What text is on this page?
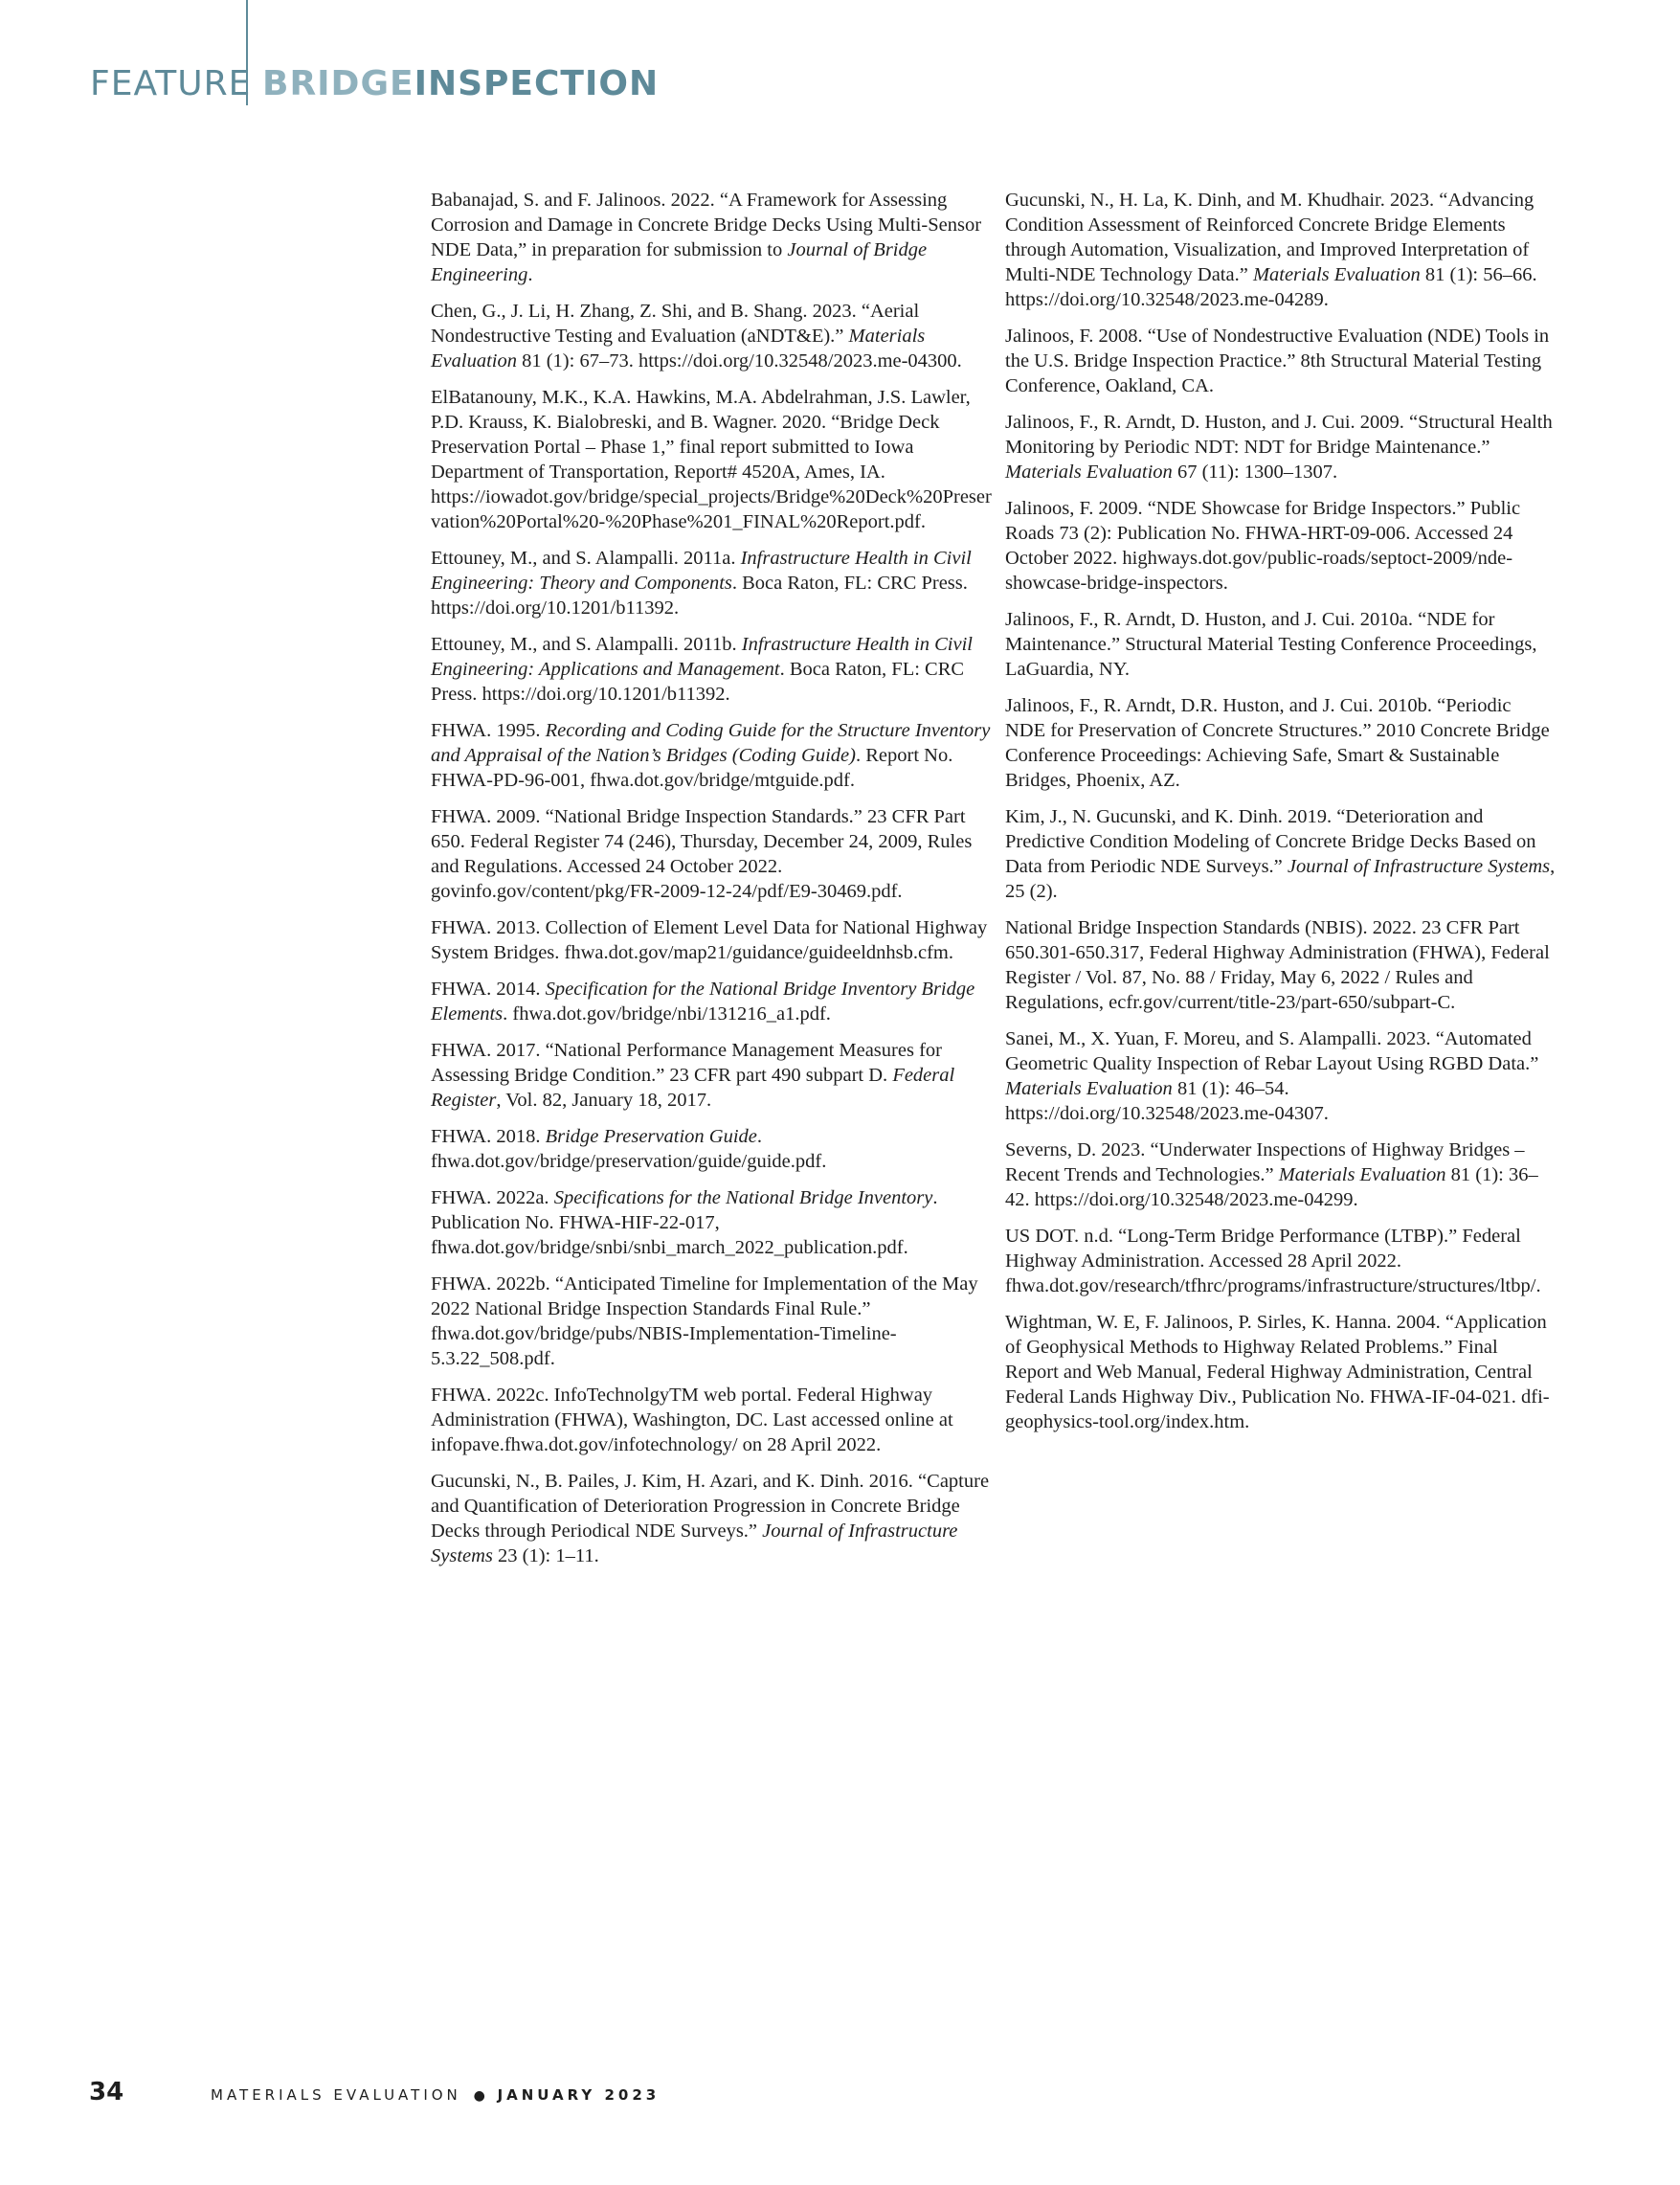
FEATURE BRIDGEINSPECTION

Babanajad, S. and F. Jalinoos. 2022. “A Framework for Assessing Corrosion and Damage in Concrete Bridge Decks Using Multi-Sensor NDE Data,” in preparation for submission to Journal of Bridge Engineering.

Chen, G., J. Li, H. Zhang, Z. Shi, and B. Shang. 2023. “Aerial Nondestructive Testing and Evaluation (aNDT&E).” Materials Evaluation 81 (1): 67–73. https://doi.org/10.32548/2023.me-04300.

ElBatanouny, M.K., K.A. Hawkins, M.A. Abdelrahman, J.S. Lawler, P.D. Krauss, K. Bialobreski, and B. Wagner. 2020. “Bridge Deck Preservation Portal – Phase 1,” final report submitted to Iowa Department of Transportation, Report# 4520A, Ames, IA. https://iowadot.gov/bridge/special_projects/Bridge%20Deck%20Preservation%20Portal%20-%20Phase%201_FINAL%20Report.pdf.

Ettouney, M., and S. Alampalli. 2011a. Infrastructure Health in Civil Engineering: Theory and Components. Boca Raton, FL: CRC Press. https://doi.org/10.1201/b11392.

Ettouney, M., and S. Alampalli. 2011b. Infrastructure Health in Civil Engineering: Applications and Management. Boca Raton, FL: CRC Press. https://doi.org/10.1201/b11392.

FHWA. 1995. Recording and Coding Guide for the Structure Inventory and Appraisal of the Nation’s Bridges (Coding Guide). Report No. FHWA-PD-96-001, fhwa.dot.gov/bridge/mtguide.pdf.

FHWA. 2009. “National Bridge Inspection Standards.” 23 CFR Part 650. Federal Register 74 (246), Thursday, December 24, 2009, Rules and Regulations. Accessed 24 October 2022. govinfo.gov/content/pkg/FR-2009-12-24/pdf/E9-30469.pdf.

FHWA. 2013. Collection of Element Level Data for National Highway System Bridges. fhwa.dot.gov/map21/guidance/guideeldnhsb.cfm.

FHWA. 2014. Specification for the National Bridge Inventory Bridge Elements. fhwa.dot.gov/bridge/nbi/131216_a1.pdf.

FHWA. 2017. “National Performance Management Measures for Assessing Bridge Condition.” 23 CFR part 490 subpart D. Federal Register, Vol. 82, January 18, 2017.

FHWA. 2018. Bridge Preservation Guide. fhwa.dot.gov/bridge/preservation/guide/guide.pdf.

FHWA. 2022a. Specifications for the National Bridge Inventory. Publication No. FHWA-HIF-22-017, fhwa.dot.gov/bridge/snbi/snbi_march_2022_publication.pdf.

FHWA. 2022b. “Anticipated Timeline for Implementation of the May 2022 National Bridge Inspection Standards Final Rule.” fhwa.dot.gov/bridge/pubs/NBIS-Implementation-Timeline-5.3.22_508.pdf.

FHWA. 2022c. InfoTechnolgyTM web portal. Federal Highway Administration (FHWA), Washington, DC. Last accessed online at infopave.fhwa.dot.gov/infotechnology/ on 28 April 2022.

Gucunski, N., B. Pailes, J. Kim, H. Azari, and K. Dinh. 2016. “Capture and Quantification of Deterioration Progression in Concrete Bridge Decks through Periodical NDE Surveys.” Journal of Infrastructure Systems 23 (1): 1–11.

Gucunski, N., H. La, K. Dinh, and M. Khudhair. 2023. “Advancing Condition Assessment of Reinforced Concrete Bridge Elements through Automation, Visualization, and Improved Interpretation of Multi-NDE Technology Data.” Materials Evaluation 81 (1): 56–66. https://doi.org/10.32548/2023.me-04289.

Jalinoos, F. 2008. “Use of Nondestructive Evaluation (NDE) Tools in the U.S. Bridge Inspection Practice.” 8th Structural Material Testing Conference, Oakland, CA.

Jalinoos, F., R. Arndt, D. Huston, and J. Cui. 2009. “Structural Health Monitoring by Periodic NDT: NDT for Bridge Maintenance.” Materials Evaluation 67 (11): 1300–1307.

Jalinoos, F. 2009. “NDE Showcase for Bridge Inspectors.” Public Roads 73 (2): Publication No. FHWA-HRT-09-006. Accessed 24 October 2022. highways.dot.gov/public-roads/septoct-2009/nde-showcase-bridge-inspectors.

Jalinoos, F., R. Arndt, D. Huston, and J. Cui. 2010a. “NDE for Maintenance.” Structural Material Testing Conference Proceedings, LaGuardia, NY.

Jalinoos, F., R. Arndt, D.R. Huston, and J. Cui. 2010b. “Periodic NDE for Preservation of Concrete Structures.” 2010 Concrete Bridge Conference Proceedings: Achieving Safe, Smart & Sustainable Bridges, Phoenix, AZ.

Kim, J., N. Gucunski, and K. Dinh. 2019. “Deterioration and Predictive Condition Modeling of Concrete Bridge Decks Based on Data from Periodic NDE Surveys.” Journal of Infrastructure Systems, 25 (2).

National Bridge Inspection Standards (NBIS). 2022. 23 CFR Part 650.301-650.317, Federal Highway Administration (FHWA), Federal Register / Vol. 87, No. 88 / Friday, May 6, 2022 / Rules and Regulations, ecfr.gov/current/title-23/part-650/subpart-C.

Sanei, M., X. Yuan, F. Moreu, and S. Alampalli. 2023. “Automated Geometric Quality Inspection of Rebar Layout Using RGBD Data.” Materials Evaluation 81 (1): 46–54. https://doi.org/10.32548/2023.me-04307.

Severns, D. 2023. “Underwater Inspections of Highway Bridges – Recent Trends and Technologies.” Materials Evaluation 81 (1): 36–42. https://doi.org/10.32548/2023.me-04299.

US DOT. n.d. “Long-Term Bridge Performance (LTBP).” Federal Highway Administration. Accessed 28 April 2022. fhwa.dot.gov/research/tfhrc/programs/infrastructure/structures/ltbp/.

Wightman, W. E, F. Jalinoos, P. Sirles, K. Hanna. 2004. “Application of Geophysical Methods to Highway Related Problems.” Final Report and Web Manual, Federal Highway Administration, Central Federal Lands Highway Div., Publication No. FHWA-IF-04-021. dfi-geophysics-tool.org/index.htm.

34	MATERIALS EVALUATION ● JANUARY 2023
